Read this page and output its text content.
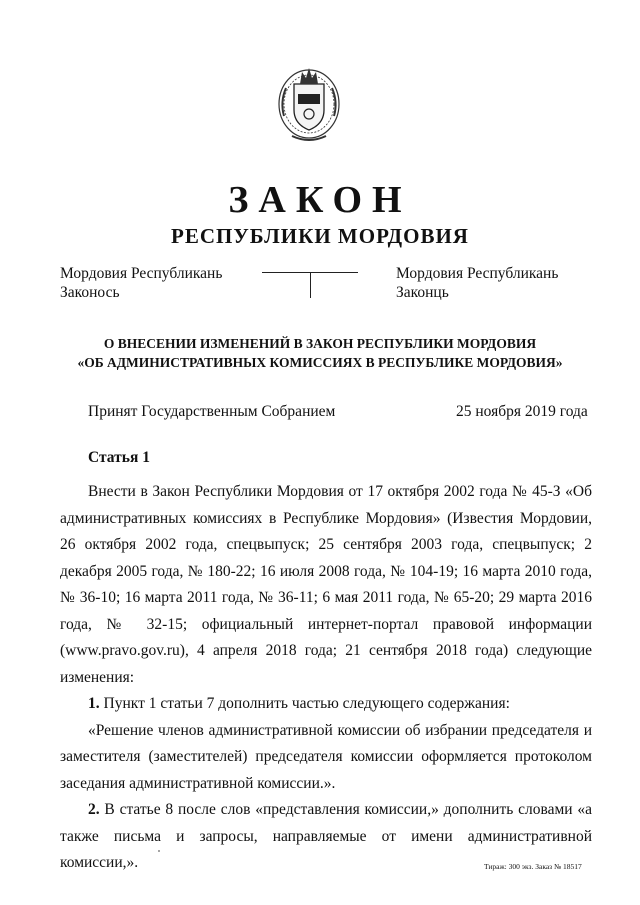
ЗАКОН
РЕСПУБЛИКИ МОРДОВИЯ
Мордовия Республикань
Законось
Мордовия Республикань
Законць
О ВНЕСЕНИИ ИЗМЕНЕНИЙ В ЗАКОН РЕСПУБЛИКИ МОРДОВИЯ
«ОБ АДМИНИСТРАТИВНЫХ КОМИССИЯХ В РЕСПУБЛИКЕ МОРДОВИЯ»
Принят Государственным Собранием	25 ноября 2019 года
Статья 1

Внести в Закон Республики Мордовия от 17 октября 2002 года № 45-З «Об административных комиссиях в Республике Мордовия» (Известия Мордовии, 26 октября 2002 года, спецвыпуск; 25 сентября 2003 года, спецвыпуск; 2 декабря 2005 года, № 180-22; 16 июля 2008 года, № 104-19; 16 марта 2010 года, № 36-10; 16 марта 2011 года, № 36-11; 6 мая 2011 года, № 65-20; 29 марта 2016 года, № 32-15; официальный интернет-портал правовой информации (www.pravo.gov.ru), 4 апреля 2018 года; 21 сентября 2018 года) следующие изменения:

1. Пункт 1 статьи 7 дополнить частью следующего содержания:

«Решение членов административной комиссии об избрании председателя и заместителя (заместителей) председателя комиссии оформляется протоколом заседания административной комиссии.».

2. В статье 8 после слов «представления комиссии,» дополнить словами «а также письма и запросы, направляемые от имени административной комиссии,».	Тираж: 300 экз. Заказ № 18517
